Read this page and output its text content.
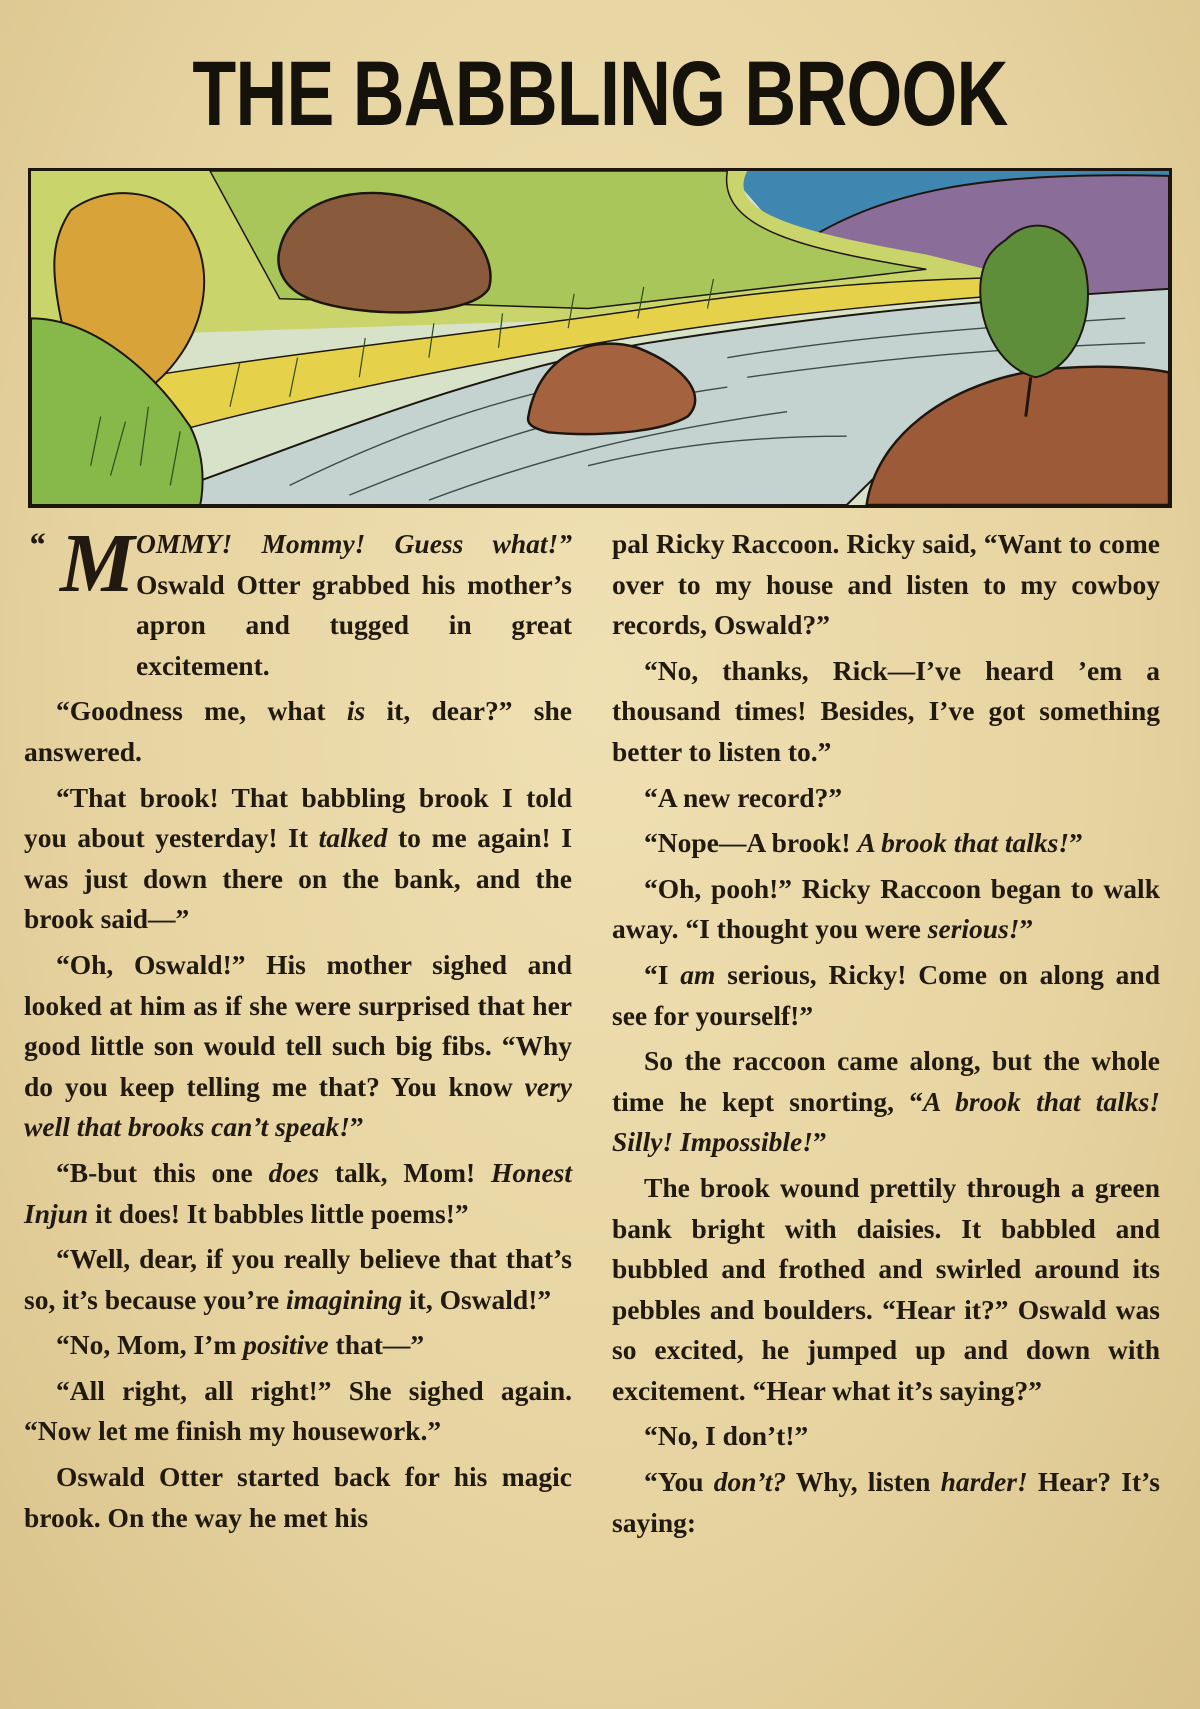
THE BABBLING BROOK

“ M OMMY! Mommy! Guess what!” Oswald Otter grabbed his mother’s apron and tugged in great excitement.

“Goodness me, what is it, dear?” she answered.

“That brook! That babbling brook I told you about yesterday! It talked to me again! I was just down there on the bank, and the brook said—”

“Oh, Oswald!” His mother sighed and looked at him as if she were surprised that her good little son would tell such big fibs. “Why do you keep telling me that? You know very well that brooks can’t speak!”

“B-but this one does talk, Mom! Honest Injun it does! It babbles little poems!”

“Well, dear, if you really believe that that’s so, it’s because you’re imagining it, Oswald!”

“No, Mom, I’m positive that—”

“All right, all right!” She sighed again. “Now let me finish my housework.”

Oswald Otter started back for his magic brook. On the way he met his

pal Ricky Raccoon. Ricky said, “Want to come over to my house and listen to my cowboy records, Oswald?”

“No, thanks, Rick—I’ve heard ’em a thousand times! Besides, I’ve got something better to listen to.”

“A new record?”

“Nope—A brook! A brook that talks!”

“Oh, pooh!” Ricky Raccoon began to walk away. “I thought you were serious!”

“I am serious, Ricky! Come on along and see for yourself!”

So the raccoon came along, but the whole time he kept snorting, “A brook that talks! Silly! Impossible!”

The brook wound prettily through a green bank bright with daisies. It babbled and bubbled and frothed and swirled around its pebbles and boulders. “Hear it?” Oswald was so excited, he jumped up and down with excitement. “Hear what it’s saying?”

“No, I don’t!”

“You don’t? Why, listen harder! Hear? It’s saying:
